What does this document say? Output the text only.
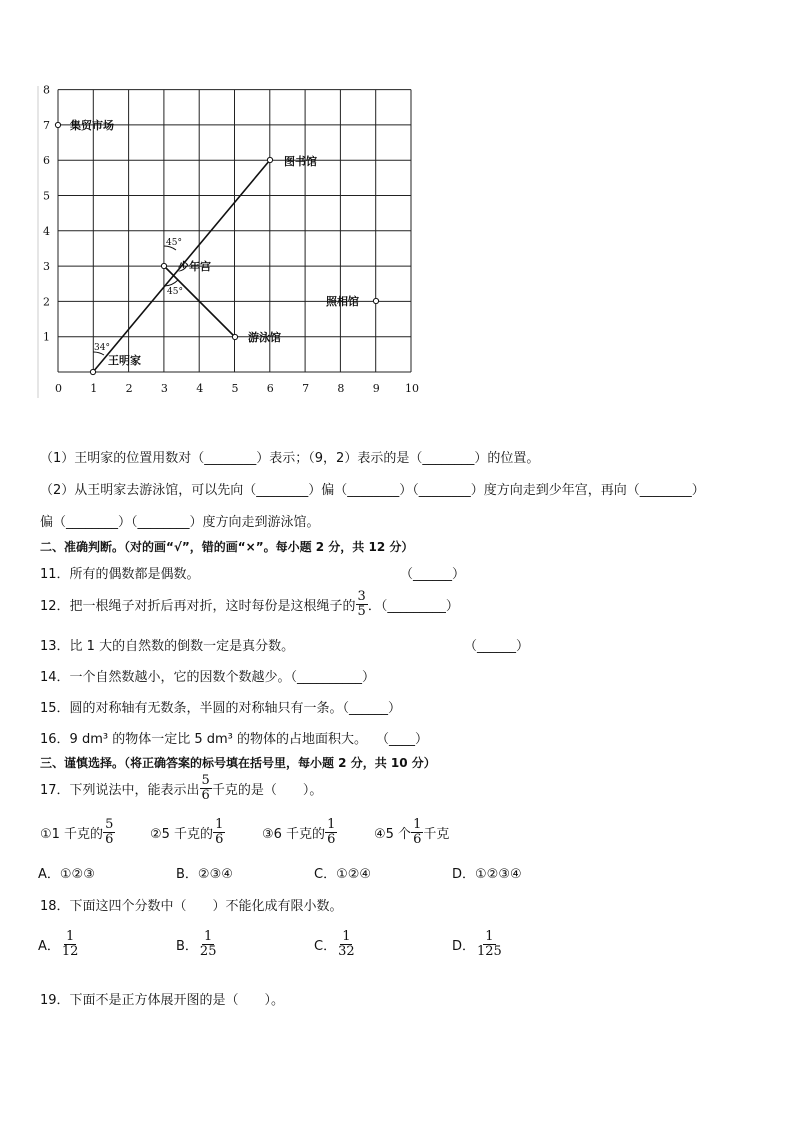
8
7
6
5
4
3
2
1
0	1	2	3	4	5	6	7	8	9 10
集贸市场
图书馆
少年宫
照相馆
游泳馆
王明家
34°
45°
45°
（1）王明家的位置用数对（________）表示；（9，2）表示的是（________）的位置。
（2）从王明家去游泳馆，可以先向（________）偏（________）（________）度方向走到少年宫，再向（________）
偏（________）（________）度方向走到游泳馆。
二、准确判断。（对的画“√”，错的画“×”。每小题 2 分，共 12 分）
11．所有的偶数都是偶数。	（______）
12．把一根绳子对折后再对折，这时每份是这根绳子的 $\frac{3}{5}$ ．（_________）
13．比 1 大的自然数的倒数一定是真分数。	（______）
14．一个自然数越小，它的因数个数越少。（__________）
15．圆的对称轴有无数条，半圆的对称轴只有一条。（______）
16．9 dm³ 的物体一定比 5 dm³ 的物体的占地面积大。 （____）
三、谨慎选择。（将正确答案的标号填在括号里，每小题 2 分，共 10 分）
17．下列说法中，能表示出 $\frac{5}{6}$ 千克的是（　　）。
①1 千克的 $\frac{5}{6}$	②5 千克的 $\frac{1}{6}$	③6 千克的 $\frac{1}{6}$	④5 个 $\frac{1}{6}$ 千克
A．①②③	B．②③④	C．①②④	D．①②③④
18．下面这四个分数中（　　）不能化成有限小数。
A． $\frac{1}{12}$	B． $\frac{1}{25}$	C． $\frac{1}{32}$	D． $\frac{1}{125}$
19．下面不是正方体展开图的是（　　）。
